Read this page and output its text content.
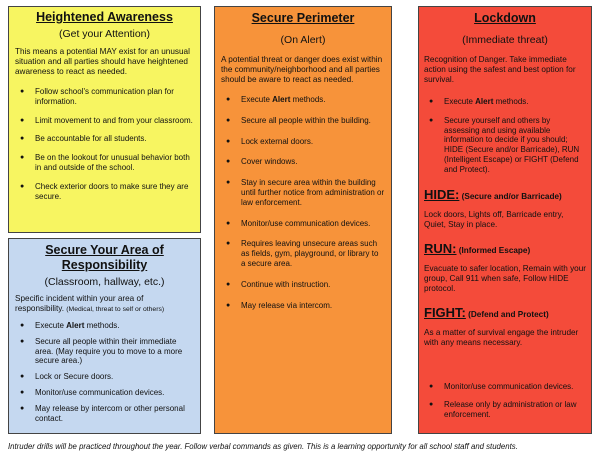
Heightened Awareness
(Get your Attention)
This means a potential MAY exist for an unusual situation and all parties should have heightened awareness to react as needed.
● Follow school's communication plan for information.
● Limit movement to and from your classroom.
● Be accountable for all students.
● Be on the lookout for unusual behavior both in and outside of the school.
● Check exterior doors to make sure they are secure.
Secure Your Area of
Responsibility
(Classroom, hallway, etc.)
Specific incident within your area of responsibility. (Medical, threat to self or others)
● Execute Alert methods.
● Secure all people within their immediate area. (May require you to move to a more secure area.)
● Lock or Secure doors.
● Monitor/use communication devices.
● May release by intercom or other personal contact.
Secure Perimeter
(On Alert)
A potential threat or danger does exist within the community/neighborhood and all parties should be aware to react as needed.
● Execute Alert methods.
● Secure all people within the building.
● Lock external doors.
● Cover windows.
● Stay in secure area within the building until further notice from administration or law enforcement.
● Monitor/use communication devices.
● Requires leaving unsecure areas such as fields, gym, playground, or library to a secure area.
● Continue with instruction.
● May release via intercom.
Lockdown
(Immediate threat)
Recognition of Danger. Take immediate action using the safest and best option for survival.
● Execute Alert methods.
● Secure yourself and others by assessing and using available information to decide if you should; HIDE (Secure and/or Barricade), RUN (Intelligent Escape) or FIGHT (Defend and Protect).
HIDE: (Secure and/or Barricade)
Lock doors, Lights off, Barricade entry, Quiet, Stay in place.
RUN: (Informed Escape)
Evacuate to safer location, Remain with your group, Call 911 when safe, Follow HIDE protocol.
FIGHT: (Defend and Protect)
As a matter of survival engage the intruder with any means necessary.
● Monitor/use communication devices.
● Release only by administration or law enforcement.
Intruder drills will be practiced throughout the year. Follow verbal commands as given. This is a learning opportunity for all school staff and students.
